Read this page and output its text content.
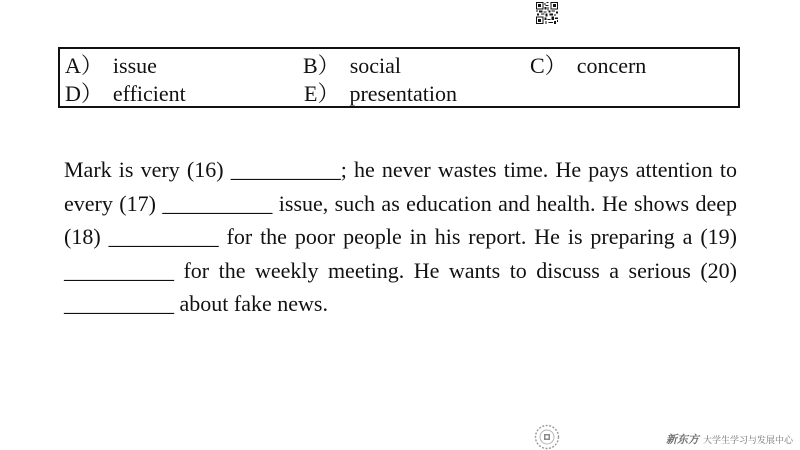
A） issue	B） social	C） concern
D） efficient	E） presentation

Mark is very (16) __________; he never wastes time. He pays attention to every (17) __________ issue, such as education and health. He shows deep (18) __________ for the poor people in his report. He is preparing a (19) __________ for the weekly meeting. He wants to discuss a serious (20) __________ about fake news.

新东方 大学生学习与发展中心
